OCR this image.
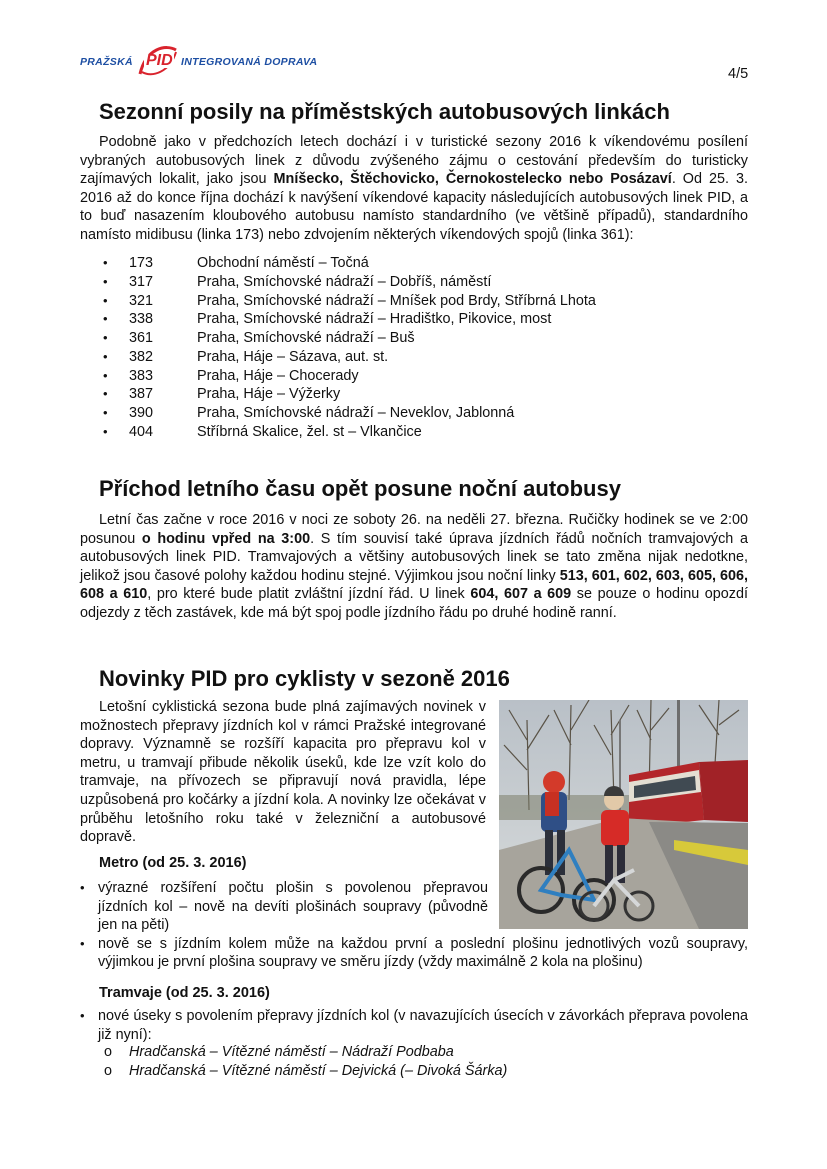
PRAŽSKÁ PID INTEGROVANÁ DOPRAVA
4/5
Sezonní posily na příměstských autobusových linkách

Podobně jako v předchozích letech dochází i v turistické sezony 2016 k víkendovému posílení vybraných autobusových linek z důvodu zvýšeného zájmu o cestování především do turisticky zajímavých lokalit, jako jsou Mníšecko, Štěchovicko, Černokostelecko nebo Posázaví. Od 25. 3. 2016 až do konce října dochází k navýšení víkendové kapacity následujících autobusových linek PID, a to buď nasazením kloubového autobusu namísto standardního (ve většině případů), standardního namísto midibusu (linka 173) nebo zdvojením některých víkendových spojů (linka 361):

• 173	Obchodní náměstí – Točná
• 317	Praha, Smíchovské nádraží – Dobříš, náměstí
• 321	Praha, Smíchovské nádraží – Mníšek pod Brdy, Stříbrná Lhota
• 338	Praha, Smíchovské nádraží – Hradištko, Pikovice, most
• 361	Praha, Smíchovské nádraží – Buš
• 382	Praha, Háje – Sázava, aut. st.
• 383	Praha, Háje – Chocerady
• 387	Praha, Háje – Výžerky
• 390	Praha, Smíchovské nádraží – Neveklov, Jablonná
• 404	Stříbrná Skalice, žel. st – Vlkančice
Příchod letního času opět posune noční autobusy

Letní čas začne v roce 2016 v noci ze soboty 26. na neděli 27. března. Ručičky hodinek se ve 2:00 posunou o hodinu vpřed na 3:00. S tím souvisí také úprava jízdních řádů nočních tramvajových a autobusových linek PID. Tramvajových a většiny autobusových linek se tato změna nijak nedotkne, jelikož jsou časové polohy každou hodinu stejné. Výjimkou jsou noční linky 513, 601, 602, 603, 605, 606, 608 a 610, pro které bude platit zvláštní jízdní řád. U linek 604, 607 a 609 se pouze o hodinu opozdí odjezdy z těch zastávek, kde má být spoj podle jízdního řádu po druhé hodině ranní.

Novinky PID pro cyklisty v sezoně 2016

Letošní cyklistická sezona bude plná zajímavých novinek v možnostech přepravy jízdních kol v rámci Pražské integrované dopravy. Významně se rozšíří kapacita pro přepravu kol v metru, u tramvají přibude několik úseků, kde lze vzít kolo do tramvaje, na přívozech se připravují nová pravidla, lépe uzpůsobená pro kočárky a jízdní kola. A novinky lze očekávat v průběhu letošního roku také v železniční a autobusové dopravě.

Metro (od 25. 3. 2016)
• výrazné rozšíření počtu plošin s povolenou přepravou jízdních kol – nově na devíti plošinách soupravy (původně jen na pěti)
• nově se s jízdním kolem může na každou první a poslední plošinu jednotlivých vozů soupravy, výjimkou je první plošina soupravy ve směru jízdy (vždy maximálně 2 kola na plošinu)
Tramvaje (od 25. 3. 2016)
• nové úseky s povolením přepravy jízdních kol (v navazujících úsecích v závorkách přeprava povolena již nyní):
o Hradčanská – Vítězné náměstí – Nádraží Podbaba
o Hradčanská – Vítězné náměstí – Dejvická (– Divoká Šárka)
